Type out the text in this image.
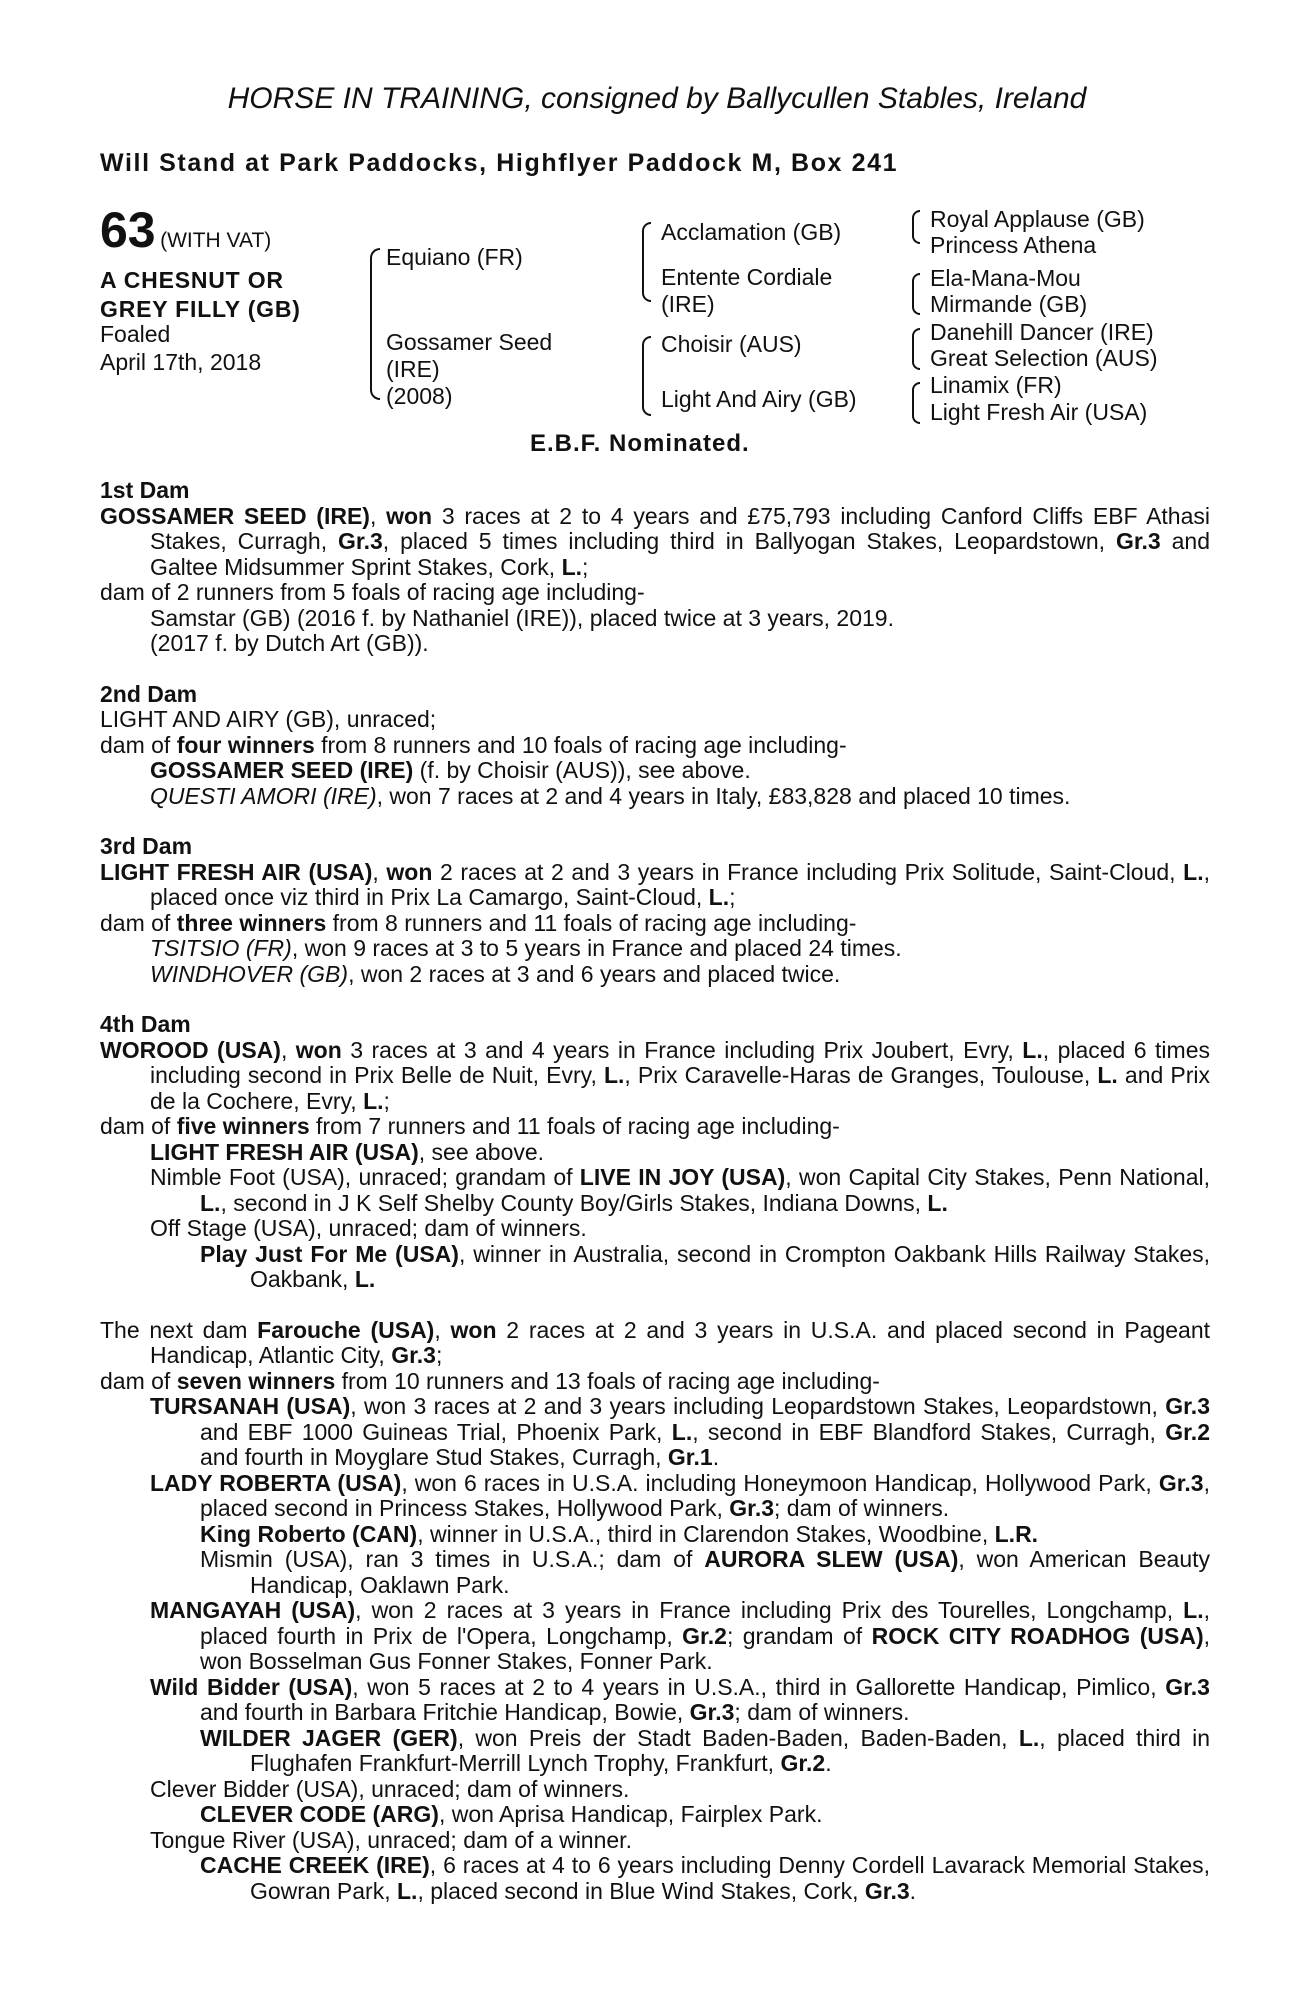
HORSE IN TRAINING, consigned by Ballycullen Stables, Ireland
Will Stand at Park Paddocks, Highflyer Paddock M, Box 241
63 (WITH VAT)
A CHESNUT OR
GREY FILLY (GB)
Foaled
April 17th, 2018
Equiano (FR)
Gossamer Seed
(IRE)
(2008)
Acclamation (GB)
Entente Cordiale
(IRE)
Choisir (AUS)
Light And Airy (GB)
Royal Applause (GB)
Princess Athena
Ela-Mana-Mou
Mirmande (GB)
Danehill Dancer (IRE)
Great Selection (AUS)
Linamix (FR)
Light Fresh Air (USA)
E.B.F. Nominated.
1st Dam

GOSSAMER SEED (IRE), won 3 races at 2 to 4 years and £75,793 including Canford Cliffs EBF Athasi Stakes, Curragh, Gr.3, placed 5 times including third in Ballyogan Stakes, Leopardstown, Gr.3 and Galtee Midsummer Sprint Stakes, Cork, L.;

dam of 2 runners from 5 foals of racing age including-

Samstar (GB) (2016 f. by Nathaniel (IRE)), placed twice at 3 years, 2019.

(2017 f. by Dutch Art (GB)).

2nd Dam

LIGHT AND AIRY (GB), unraced;

dam of four winners from 8 runners and 10 foals of racing age including-

GOSSAMER SEED (IRE) (f. by Choisir (AUS)), see above.

QUESTI AMORI (IRE), won 7 races at 2 and 4 years in Italy, £83,828 and placed 10 times.

3rd Dam

LIGHT FRESH AIR (USA), won 2 races at 2 and 3 years in France including Prix Solitude, Saint-Cloud, L., placed once viz third in Prix La Camargo, Saint-Cloud, L.;

dam of three winners from 8 runners and 11 foals of racing age including-

TSITSIO (FR), won 9 races at 3 to 5 years in France and placed 24 times.

WINDHOVER (GB), won 2 races at 3 and 6 years and placed twice.

4th Dam

WOROOD (USA), won 3 races at 3 and 4 years in France including Prix Joubert, Evry, L., placed 6 times including second in Prix Belle de Nuit, Evry, L., Prix Caravelle-Haras de Granges, Toulouse, L. and Prix de la Cochere, Evry, L.;

dam of five winners from 7 runners and 11 foals of racing age including-

LIGHT FRESH AIR (USA), see above.

Nimble Foot (USA), unraced; grandam of LIVE IN JOY (USA), won Capital City Stakes, Penn National, L., second in J K Self Shelby County Boy/Girls Stakes, Indiana Downs, L.

Off Stage (USA), unraced; dam of winners.

Play Just For Me (USA), winner in Australia, second in Crompton Oakbank Hills Railway Stakes, Oakbank, L.

The next dam Farouche (USA), won 2 races at 2 and 3 years in U.S.A. and placed second in Pageant Handicap, Atlantic City, Gr.3;

dam of seven winners from 10 runners and 13 foals of racing age including-

TURSANAH (USA), won 3 races at 2 and 3 years including Leopardstown Stakes, Leopardstown, Gr.3 and EBF 1000 Guineas Trial, Phoenix Park, L., second in EBF Blandford Stakes, Curragh, Gr.2 and fourth in Moyglare Stud Stakes, Curragh, Gr.1.

LADY ROBERTA (USA), won 6 races in U.S.A. including Honeymoon Handicap, Hollywood Park, Gr.3, placed second in Princess Stakes, Hollywood Park, Gr.3; dam of winners.

King Roberto (CAN), winner in U.S.A., third in Clarendon Stakes, Woodbine, L.R.

Mismin (USA), ran 3 times in U.S.A.; dam of AURORA SLEW (USA), won American Beauty Handicap, Oaklawn Park.

MANGAYAH (USA), won 2 races at 3 years in France including Prix des Tourelles, Longchamp, L., placed fourth in Prix de l'Opera, Longchamp, Gr.2; grandam of ROCK CITY ROADHOG (USA), won Bosselman Gus Fonner Stakes, Fonner Park.

Wild Bidder (USA), won 5 races at 2 to 4 years in U.S.A., third in Gallorette Handicap, Pimlico, Gr.3 and fourth in Barbara Fritchie Handicap, Bowie, Gr.3; dam of winners.

WILDER JAGER (GER), won Preis der Stadt Baden-Baden, Baden-Baden, L., placed third in Flughafen Frankfurt-Merrill Lynch Trophy, Frankfurt, Gr.2.

Clever Bidder (USA), unraced; dam of winners.

CLEVER CODE (ARG), won Aprisa Handicap, Fairplex Park.

Tongue River (USA), unraced; dam of a winner.

CACHE CREEK (IRE), 6 races at 4 to 6 years including Denny Cordell Lavarack Memorial Stakes, Gowran Park, L., placed second in Blue Wind Stakes, Cork, Gr.3.
